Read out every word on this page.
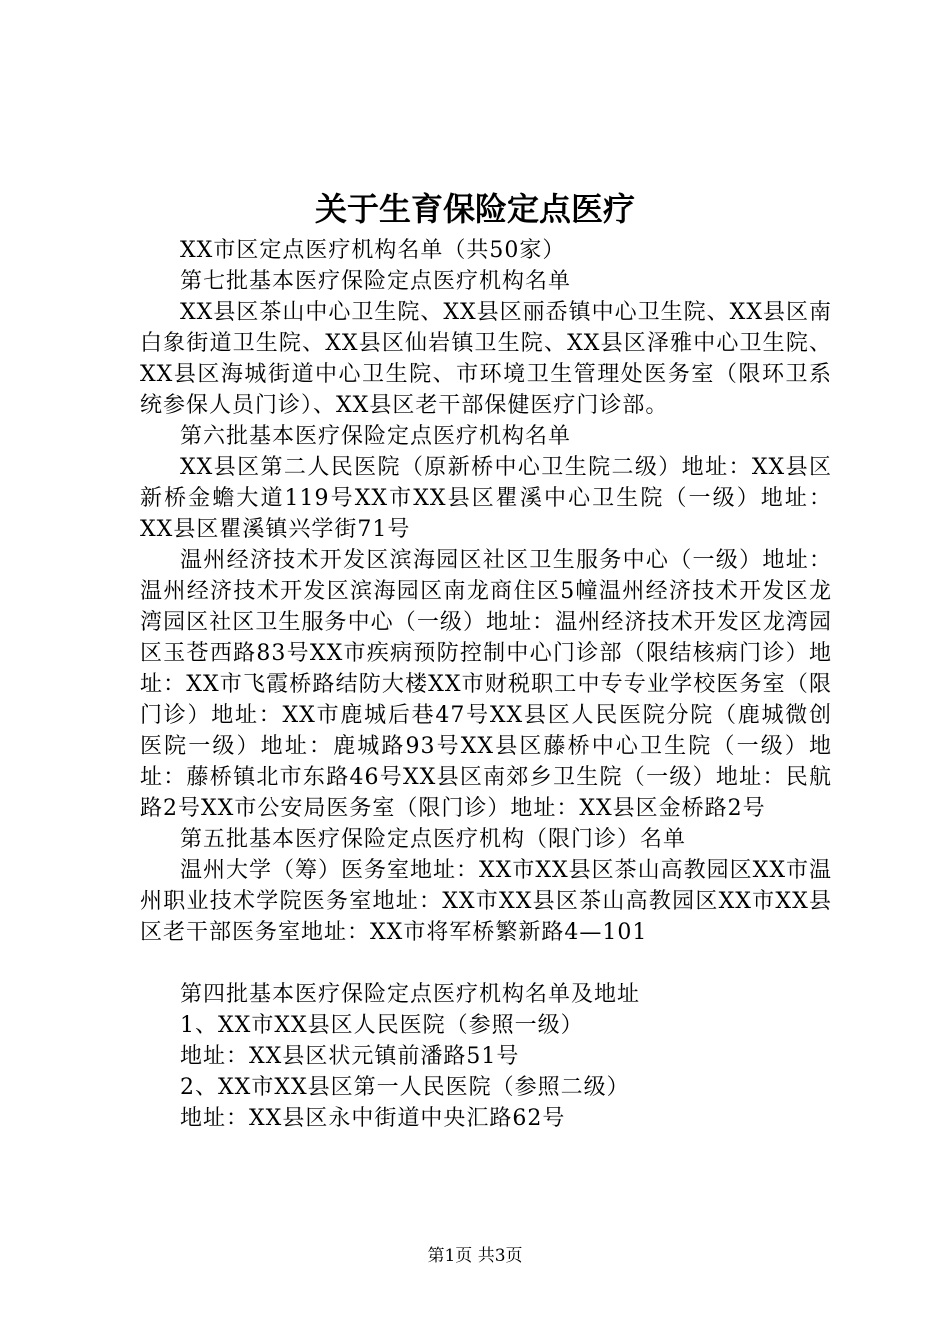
关于生育保险定点医疗

XX市区定点医疗机构名单（共50家）

第七批基本医疗保险定点医疗机构名单

XX县区茶山中心卫生院、XX县区丽岙镇中心卫生院、XX县区南白象街道卫生院、XX县区仙岩镇卫生院、XX县区泽雅中心卫生院、XX县区海城街道中心卫生院、市环境卫生管理处医务室（限环卫系统参保人员门诊）、XX县区老干部保健医疗门诊部。

第六批基本医疗保险定点医疗机构名单

XX县区第二人民医院（原新桥中心卫生院二级）地址：XX县区新桥金蟾大道119号XX市XX县区瞿溪中心卫生院（一级）地址：XX县区瞿溪镇兴学街71号

温州经济技术开发区滨海园区社区卫生服务中心（一级）地址：温州经济技术开发区滨海园区南龙商住区5幢温州经济技术开发区龙湾园区社区卫生服务中心（一级）地址：温州经济技术开发区龙湾园区玉苍西路83号XX市疾病预防控制中心门诊部（限结核病门诊）地址：XX市飞霞桥路结防大楼XX市财税职工中专专业学校医务室（限门诊）地址：XX市鹿城后巷47号XX县区人民医院分院（鹿城微创医院一级）地址：鹿城路93号XX县区藤桥中心卫生院（一级）地址：藤桥镇北市东路46号XX县区南郊乡卫生院（一级）地址：民航路2号XX市公安局医务室（限门诊）地址：XX县区金桥路2号

第五批基本医疗保险定点医疗机构（限门诊）名单

温州大学（筹）医务室地址：XX市XX县区茶山高教园区XX市温州职业技术学院医务室地址：XX市XX县区茶山高教园区XX市XX县区老干部医务室地址：XX市将军桥繁新路4—101

第四批基本医疗保险定点医疗机构名单及地址

1、XX市XX县区人民医院（参照一级）

地址：XX县区状元镇前潘路51号

2、XX市XX县区第一人民医院（参照二级）

地址：XX县区永中街道中央汇路62号

第1页 共3页
